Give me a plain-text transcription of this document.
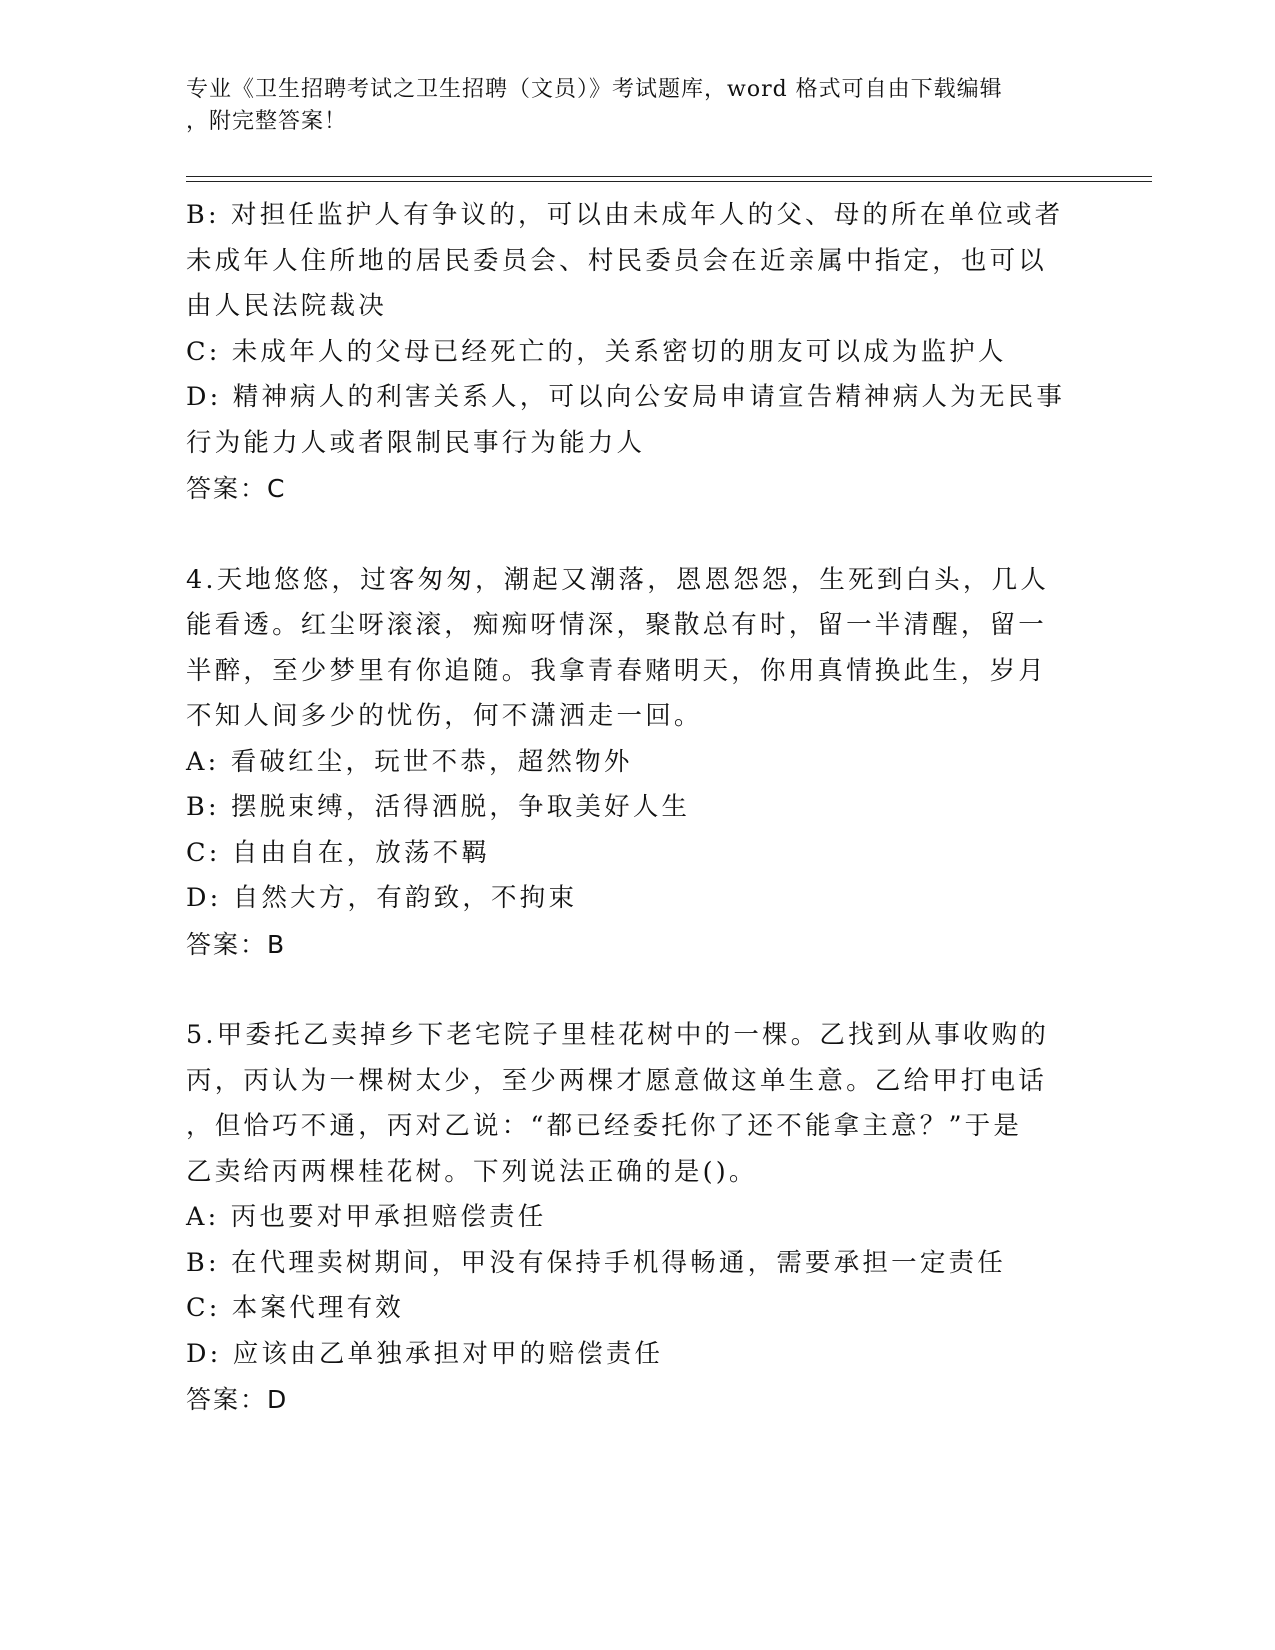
专业《卫生招聘考试之卫生招聘（文员）》考试题库，word 格式可自由下载编辑
，附完整答案！
B: 对担任监护人有争议的，可以由未成年人的父、母的所在单位或者
未成年人住所地的居民委员会、村民委员会在近亲属中指定，也可以
由人民法院裁决
C: 未成年人的父母已经死亡的，关系密切的朋友可以成为监护人
D: 精神病人的利害关系人，可以向公安局申请宣告精神病人为无民事
行为能力人或者限制民事行为能力人
答案：C
4.天地悠悠，过客匆匆，潮起又潮落，恩恩怨怨，生死到白头，几人
能看透。红尘呀滚滚，痴痴呀情深，聚散总有时，留一半清醒，留一
半醉，至少梦里有你追随。我拿青春赌明天，你用真情换此生，岁月
不知人间多少的忧伤，何不潇洒走一回。
A: 看破红尘，玩世不恭，超然物外
B: 摆脱束缚，活得洒脱，争取美好人生
C: 自由自在，放荡不羁
D: 自然大方，有韵致，不拘束
答案：B
5.甲委托乙卖掉乡下老宅院子里桂花树中的一棵。乙找到从事收购的
丙，丙认为一棵树太少，至少两棵才愿意做这单生意。乙给甲打电话
，但恰巧不通，丙对乙说：“都已经委托你了还不能拿主意？”于是
乙卖给丙两棵桂花树。下列说法正确的是()。
A: 丙也要对甲承担赔偿责任
B: 在代理卖树期间，甲没有保持手机得畅通，需要承担一定责任
C: 本案代理有效
D: 应该由乙单独承担对甲的赔偿责任
答案：D
